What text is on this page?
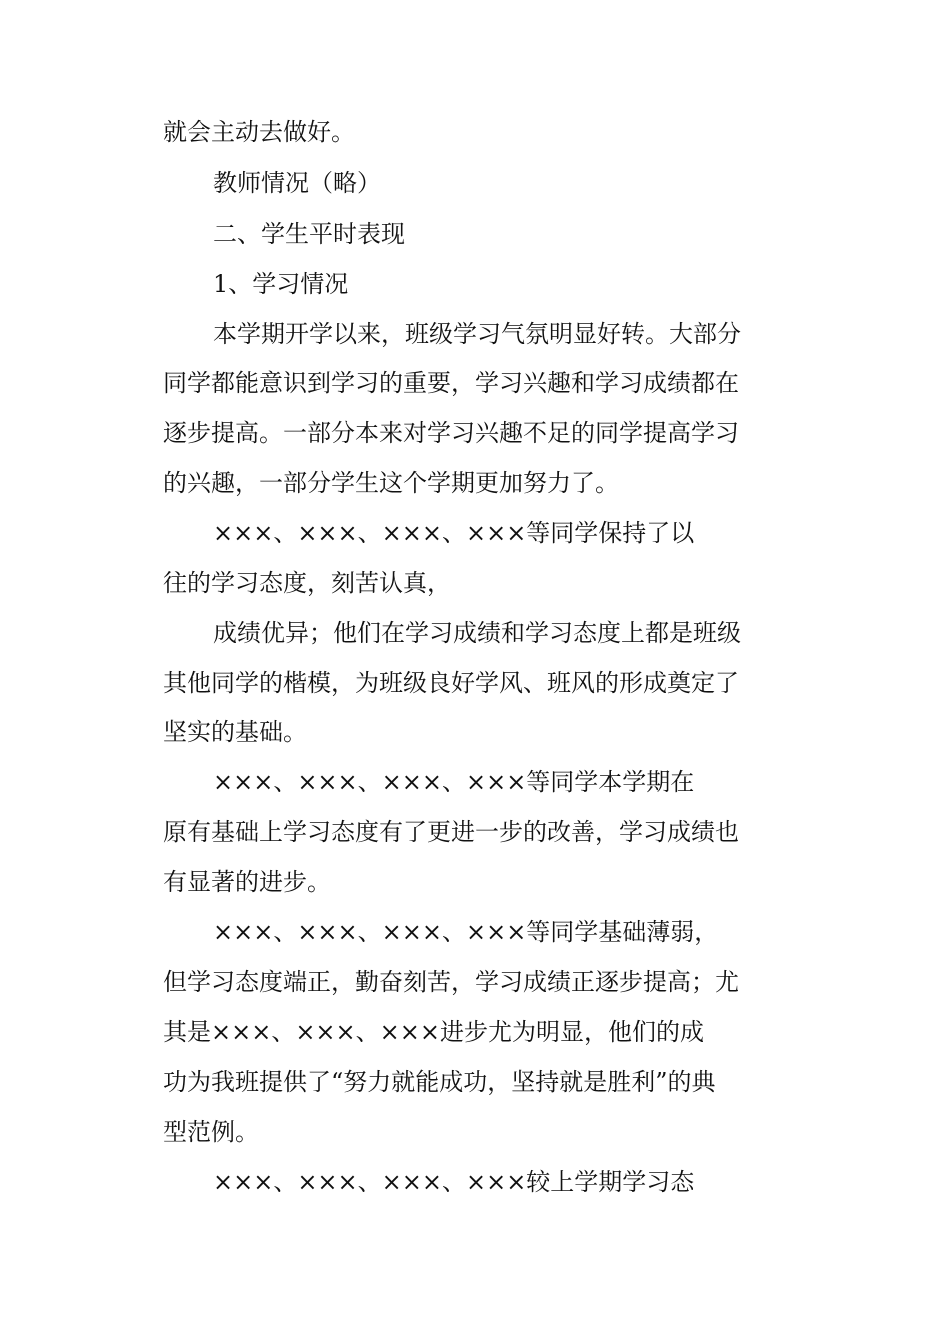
就会主动去做好。
教师情况（略）
二、学生平时表现
1、学习情况
本学期开学以来，班级学习气氛明显好转。大部分
同学都能意识到学习的重要，学习兴趣和学习成绩都在
逐步提高。一部分本来对学习兴趣不足的同学提高学习
的兴趣，一部分学生这个学期更加努力了。
×××、×××、×××、×××等同学保持了以
往的学习态度，刻苦认真，
成绩优异；他们在学习成绩和学习态度上都是班级
其他同学的楷模，为班级良好学风、班风的形成奠定了
坚实的基础。
×××、×××、×××、×××等同学本学期在
原有基础上学习态度有了更进一步的改善，学习成绩也
有显著的进步。
×××、×××、×××、×××等同学基础薄弱，
但学习态度端正，勤奋刻苦，学习成绩正逐步提高；尤
其是×××、×××、×××进步尤为明显，他们的成
功为我班提供了“努力就能成功，坚持就是胜利”的典
型范例。
×××、×××、×××、×××较上学期学习态
